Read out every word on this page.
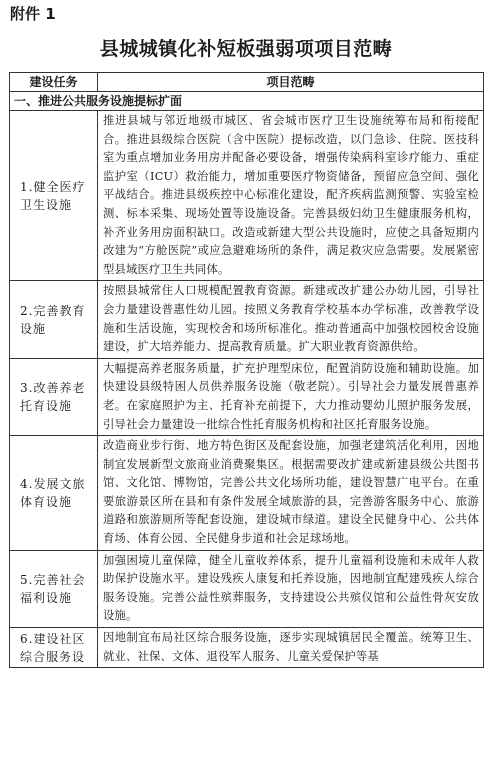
附件 1
县城城镇化补短板强弱项项目范畴
建设任务	项目范畴
一、推进公共服务设施提标扩面	
1.健全医疗卫生设施	推进县城与邻近地级市城区、省会城市医疗卫生设施统筹布局和衔接配合。推进县级综合医院（含中医院）提标改造，以门急诊、住院、医技科室为重点增加业务用房并配备必要设备，增强传染病科室诊疗能力、重症监护室（ICU）救治能力，增加重要医疗物资储备，预留应急空间、强化平战结合。推进县级疾控中心标准化建设，配齐疾病监测预警、实验室检测、标本采集、现场处置等设施设备。完善县级妇幼卫生健康服务机构，补齐业务用房面积缺口。改造或新建大型公共设施时，应使之具备短期内改建为“方舱医院”或应急避难场所的条件，满足救灾应急需要。发展紧密型县域医疗卫生共同体。
2.完善教育设施	按照县城常住人口规模配置教育资源。新建或改扩建公办幼儿园，引导社会力量建设普惠性幼儿园。按照义务教育学校基本办学标准，改善教学设施和生活设施，实现校舍和场所标准化。推动普通高中加强校园校舍设施建设，扩大培养能力、提高教育质量。扩大职业教育资源供给。
3.改善养老托育设施	大幅提高养老服务质量，扩充护理型床位，配置消防设施和辅助设施。加快建设县级特困人员供养服务设施（敬老院）。引导社会力量发展普惠养老。在家庭照护为主、托育补充前提下，大力推动婴幼儿照护服务发展，引导社会力量建设一批综合性托育服务机构和社区托育服务设施。
4.发展文旅体育设施	改造商业步行街、地方特色街区及配套设施，加强老建筑活化利用，因地制宜发展新型文旅商业消费聚集区。根据需要改扩建或新建县级公共图书馆、文化馆、博物馆，完善公共文化场所功能，建设智慧广电平台。在重要旅游景区所在县和有条件发展全域旅游的县，完善游客服务中心、旅游道路和旅游厕所等配套设施，建设城市绿道。建设全民健身中心、公共体育场、体育公园、全民健身步道和社会足球场地。
5.完善社会福利设施	加强困境儿童保障，健全儿童收养体系，提升儿童福利设施和未成年人救助保护设施水平。建设残疾人康复和托养设施，因地制宜配建残疾人综合服务设施。完善公益性殡葬服务，支持建设公共殡仪馆和公益性骨灰安放设施。
6.建设社区综合服务设	因地制宜布局社区综合服务设施，逐步实现城镇居民全覆盖。统筹卫生、就业、社保、文体、退役军人服务、儿童关爱保护等基
